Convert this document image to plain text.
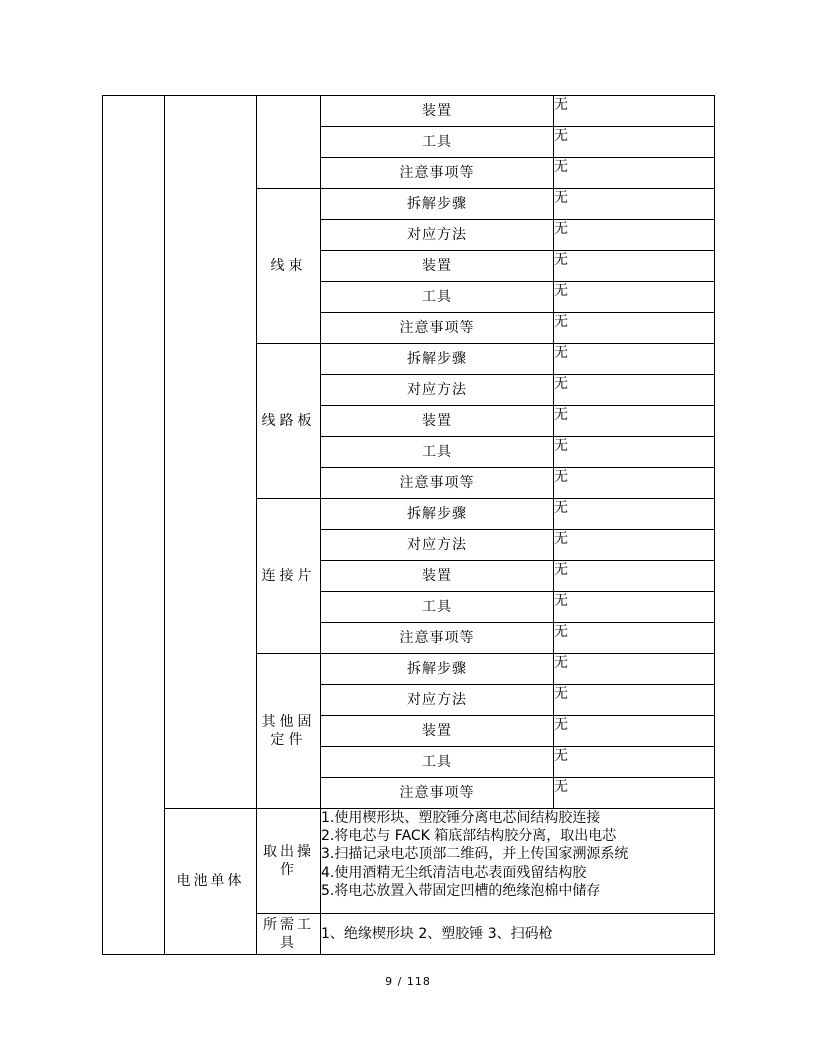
			装置	无
			工具	无
			注意事项等	无
		线束	拆解步骤	无
			对应方法	无
			装置	无
			工具	无
			注意事项等	无
		线路板	拆解步骤	无
			对应方法	无
			装置	无
			工具	无
			注意事项等	无
		连接片	拆解步骤	无
			对应方法	无
			装置	无
			工具	无
			注意事项等	无

		其他固
定件	拆解步骤	无
			对应方法	无
			装置	无
			工具	无
			注意事项等	无
	电池单体	取出操
作	1.使用楔形块、塑胶锤分离电芯间结构胶连接
2.将电芯与 FACK 箱底部结构胶分离，取出电芯
3.扫描记录电芯顶部二维码，并上传国家溯源系统
4.使用酒精无尘纸清洁电芯表面残留结构胶
5.将电芯放置入带固定凹槽的绝缘泡棉中储存	

		所需工
具	1、绝缘楔形块 2、塑胶锤 3、扫码枪	
9 / 118
